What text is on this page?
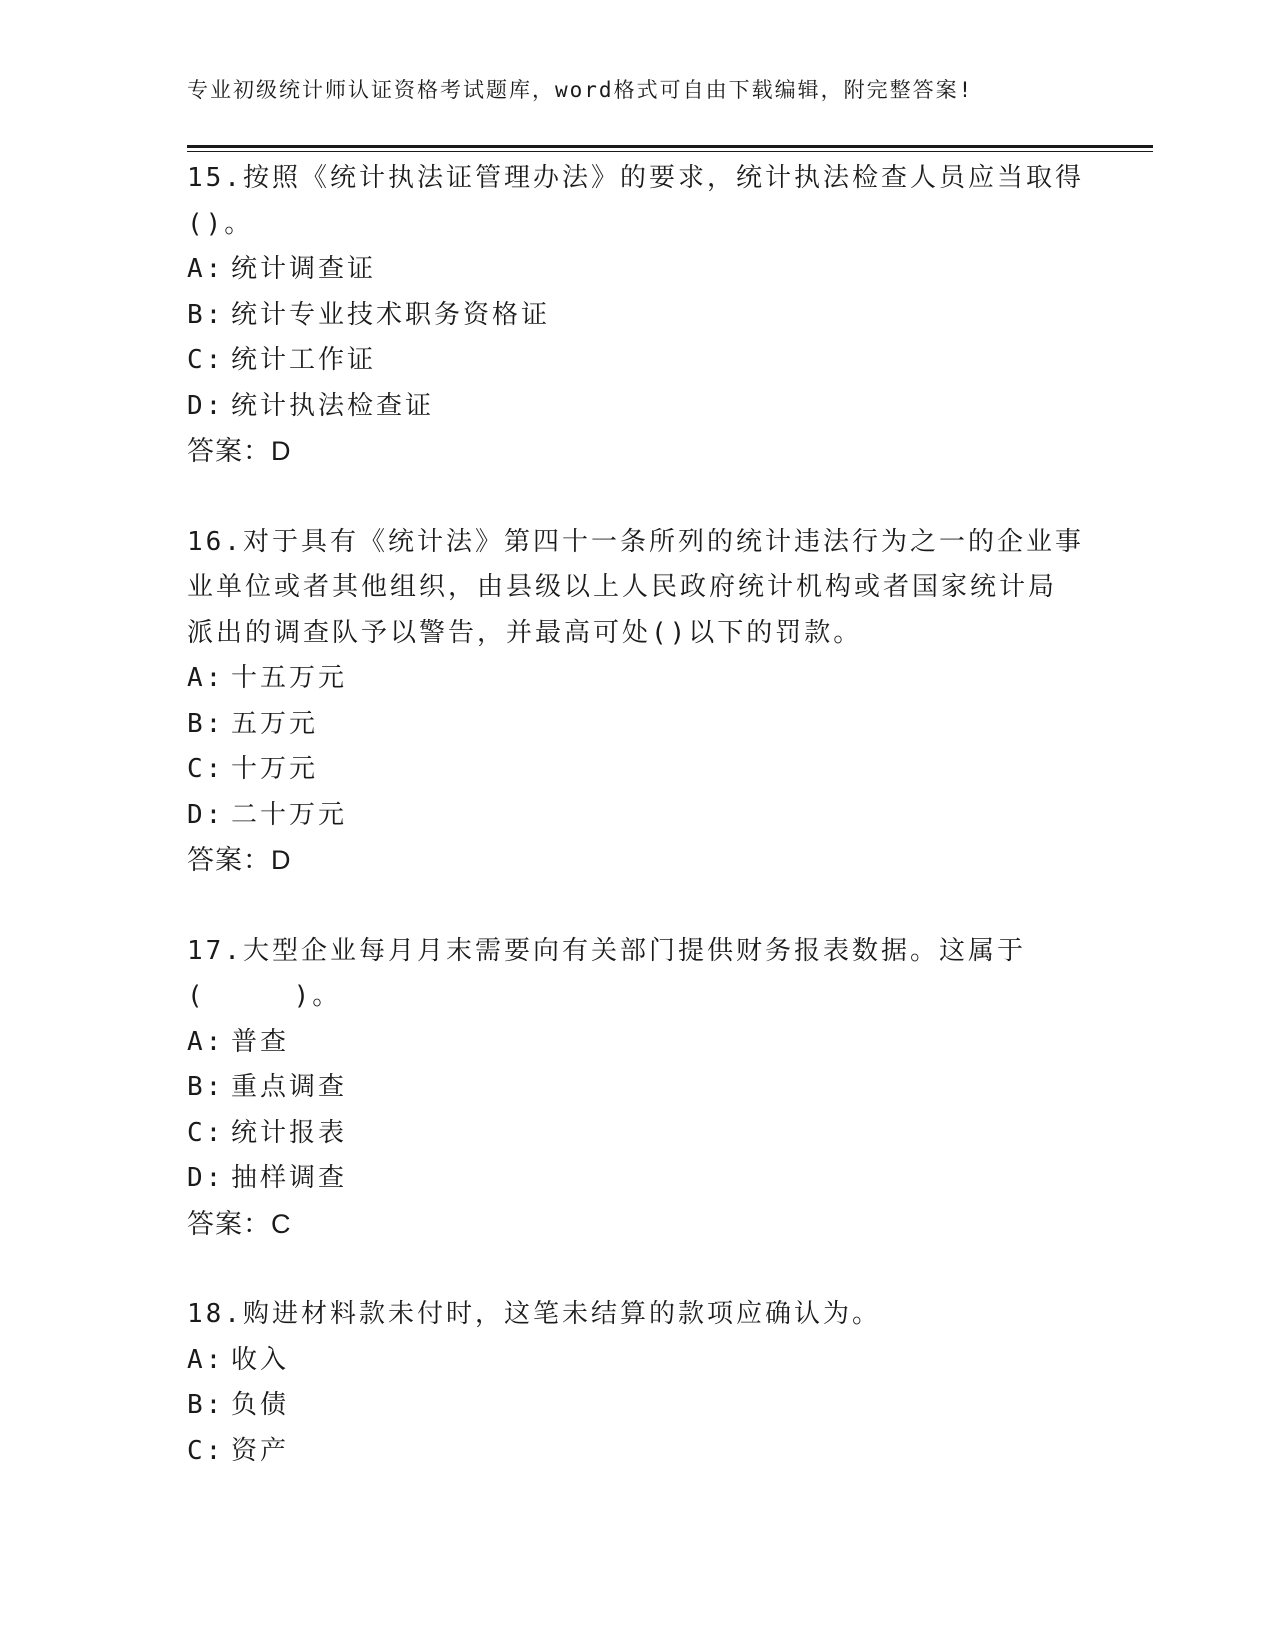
专业初级统计师认证资格考试题库，word格式可自由下载编辑，附完整答案!
15.按照《统计执法证管理办法》的要求，统计执法检查人员应当取得
()。
A: 统计调查证
B: 统计专业技术职务资格证
C: 统计工作证
D: 统计执法检查证
答案：D
16.对于具有《统计法》第四十一条所列的统计违法行为之一的企业事
业单位或者其他组织，由县级以上人民政府统计机构或者国家统计局
派出的调查队予以警告，并最高可处()以下的罚款。
A: 十五万元
B: 五万元
C: 十万元
D: 二十万元
答案：D
17.大型企业每月月末需要向有关部门提供财务报表数据。这属于
(	)。
A: 普查
B: 重点调查
C: 统计报表
D: 抽样调查
答案：C
18.购进材料款未付时，这笔未结算的款项应确认为。
A: 收入
B: 负债
C: 资产
